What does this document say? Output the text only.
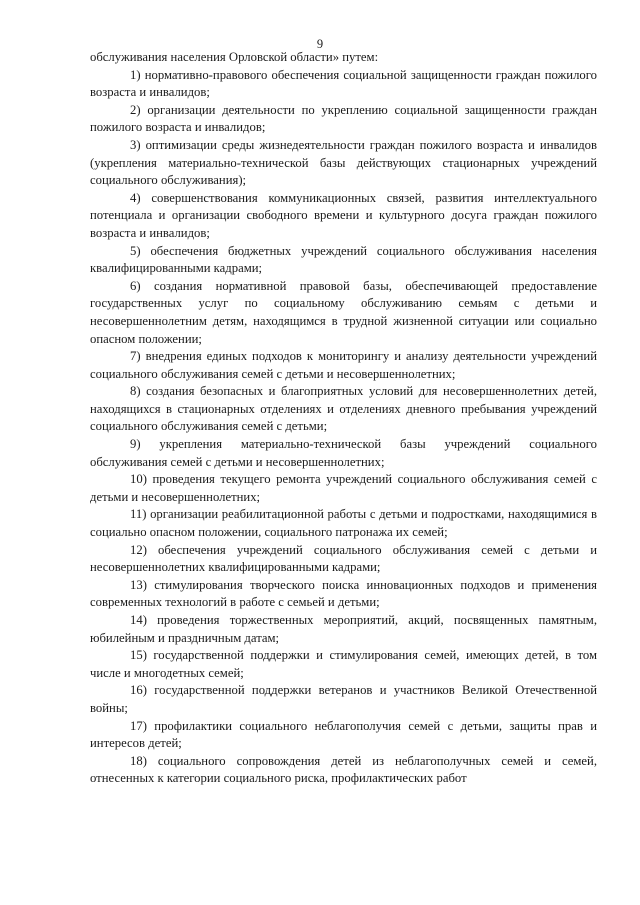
9

обслуживания населения Орловской области» путем:

1) нормативно-правового обеспечения социальной защищенности граждан пожилого возраста и инвалидов;

2) организации деятельности по укреплению социальной защищенности граждан пожилого возраста и инвалидов;

3) оптимизации среды жизнедеятельности граждан пожилого возраста и инвалидов (укрепления материально-технической базы действующих стационарных учреждений социального обслуживания);

4) совершенствования коммуникационных связей, развития интеллектуального потенциала и организации свободного времени и культурного досуга граждан пожилого возраста и инвалидов;

5) обеспечения бюджетных учреждений социального обслуживания населения квалифицированными кадрами;

6) создания нормативной правовой базы, обеспечивающей предоставление государственных услуг по социальному обслуживанию семьям с детьми и несовершеннолетним детям, находящимся в трудной жизненной ситуации или социально опасном положении;

7) внедрения единых подходов к мониторингу и анализу деятельности учреждений социального обслуживания семей с детьми и несовершеннолетних;

8) создания безопасных и благоприятных условий для несовершеннолетних детей, находящихся в стационарных отделениях и отделениях дневного пребывания учреждений социального обслуживания семей с детьми;

9) укрепления материально-технической базы учреждений социального обслуживания семей с детьми и несовершеннолетних;

10) проведения текущего ремонта учреждений социального обслуживания семей с детьми и несовершеннолетних;

11) организации реабилитационной работы с детьми и подростками, находящимися в социально опасном положении, социального патронажа их семей;

12) обеспечения учреждений социального обслуживания семей с детьми и несовершеннолетних квалифицированными кадрами;

13) стимулирования творческого поиска инновационных подходов и применения современных технологий в работе с семьей и детьми;

14) проведения торжественных мероприятий, акций, посвященных памятным, юбилейным и праздничным датам;

15) государственной поддержки и стимулирования семей, имеющих детей, в том числе и многодетных семей;

16) государственной поддержки ветеранов и участников Великой Отечественной войны;

17) профилактики социального неблагополучия семей с детьми, защиты прав и интересов детей;

18) социального сопровождения детей из неблагополучных семей и семей, отнесенных к категории социального риска, профилактических работ
